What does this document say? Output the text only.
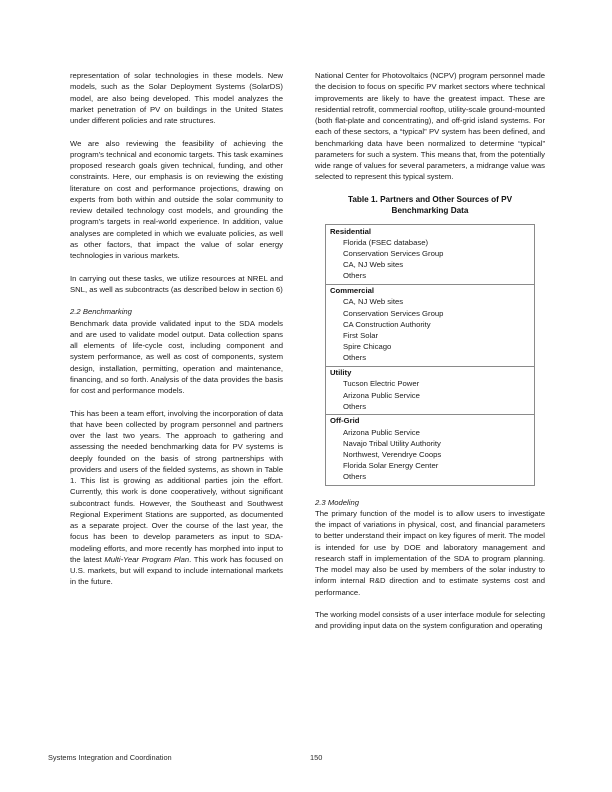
representation of solar technologies in these models. New models, such as the Solar Deployment Systems (SolarDS) model, are also being developed. This model analyzes the market penetration of PV on buildings in the United States under different policies and rate structures.

We are also reviewing the feasibility of achieving the program's technical and economic targets. This task examines proposed research goals given technical, funding, and other constraints. Here, our emphasis is on reviewing the existing literature on cost and performance projections, drawing on experts from both within and outside the solar community to review detailed technology cost models, and grounding the program's targets in real-world experience. In addition, value analyses are completed in which we evaluate policies, as well as other factors, that impact the value of solar energy technologies in various markets.

In carrying out these tasks, we utilize resources at NREL and SNL, as well as subcontracts (as described below in section 6)

2.2 Benchmarking

Benchmark data provide validated input to the SDA models and are used to validate model output. Data collection spans all elements of life-cycle cost, including component and system performance, as well as cost of components, system design, installation, permitting, operation and maintenance, financing, and so forth. Analysis of the data provides the basis for cost and performance models.

This has been a team effort, involving the incorporation of data that have been collected by program personnel and partners over the last two years. The approach to gathering and assessing the needed benchmarking data for PV systems is deeply founded on the basis of strong partnerships with providers and users of the fielded systems, as shown in Table 1. This list is growing as additional parties join the effort. Currently, this work is done cooperatively, without significant subcontract funds. However, the Southeast and Southwest Regional Experiment Stations are supported, as documented as a separate project. Over the course of the last year, the focus has been to develop parameters as input to SDA-modeling efforts, and more recently has morphed into input to the latest Multi-Year Program Plan. This work has focused on U.S. markets, but will expand to include international markets in the future.

National Center for Photovoltaics (NCPV) program personnel made the decision to focus on specific PV market sectors where technical improvements are likely to have the greatest impact. These are residential retrofit, commercial rooftop, utility-scale ground-mounted (both flat-plate and concentrating), and off-grid island systems. For each of these sectors, a “typical” PV system has been defined, and benchmarking data have been normalized to determine “typical” parameters for such a system. This means that, from the potentially wide range of values for several parameters, a midrange value was selected to represent this typical system.

Table 1. Partners and Other Sources of PV Benchmarking Data
Residential
Florida (FSEC database)
Conservation Services Group
CA, NJ Web sites
Others

Commercial
CA, NJ Web sites
Conservation Services Group
CA Construction Authority
First Solar
Spire Chicago
Others

Utility
Tucson Electric Power
Arizona Public Service
Others

Off-Grid
Arizona Public Service
Navajo Tribal Utility Authority
Northwest, Verendrye Coops
Florida Solar Energy Center
Others
2.3 Modeling

The primary function of the model is to allow users to investigate the impact of variations in physical, cost, and financial parameters to better understand their impact on key figures of merit. The model is intended for use by DOE and laboratory management and research staff in implementation of the SDA to program planning. The model may also be used by members of the solar industry to inform internal R&D direction and to estimate systems cost and performance.

The working model consists of a user interface module for selecting and providing input data on the system configuration and operating

Systems Integration and Coordination	150
